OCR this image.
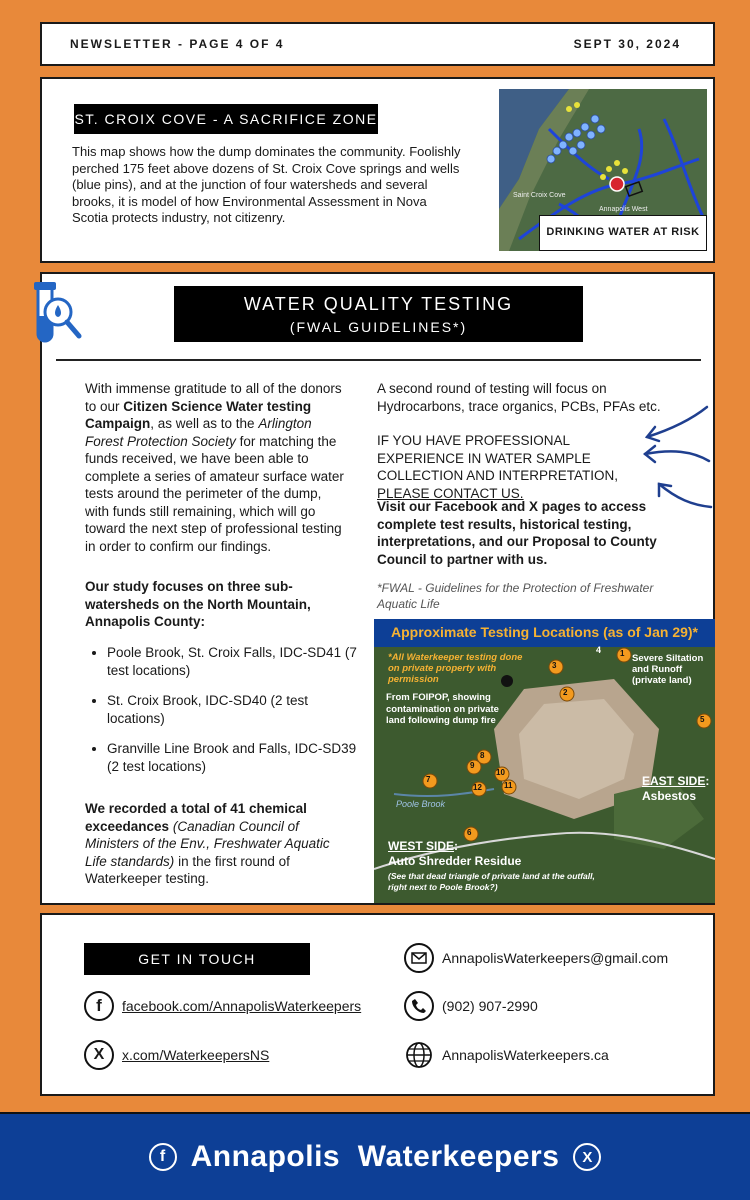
NEWSLETTER - PAGE 4 OF 4	SEPT 30, 2024
ST. CROIX COVE - A SACRIFICE ZONE

This map shows how the dump dominates the community. Foolishly perched 175 feet above dozens of St. Croix Cove springs and wells (blue pins), and at the junction of four watersheds and several brooks, it is model of how Environmental Assessment in Nova Scotia protects industry, not citizenry.

Saint Croix Cove
Annapolis West
DRINKING WATER AT RISK
WATER QUALITY TESTING
(FWAL GUIDELINES*)

With immense gratitude to all of the donors to our Citizen Science Water testing Campaign, as well as to the Arlington Forest Protection Society for matching the funds received, we have been able to complete a series of amateur surface water tests around the perimeter of the dump, with funds still remaining, which will go toward the next step of professional testing in order to confirm our findings.

Our study focuses on three sub-watersheds on the North Mountain, Annapolis County:

• Poole Brook, St. Croix Falls, IDC-SD41 (7 test locations)
• St. Croix Brook, IDC-SD40 (2 test locations)
• Granville Line Brook and Falls, IDC-SD39 (2 test locations)

We recorded a total of 41 chemical exceedances (Canadian Council of Ministers of the Env., Freshwater Aquatic Life standards) in the first round of Waterkeeper testing.

A second round of testing will focus on Hydrocarbons, trace organics, PCBs, PFAs etc.

IF YOU HAVE PROFESSIONAL EXPERIENCE IN WATER SAMPLE COLLECTION AND INTERPRETATION, PLEASE CONTACT US.

Visit our Facebook and X pages to access complete test results, historical testing, interpretations, and our Proposal to County Council to partner with us.

*FWAL - Guidelines for the Protection of Freshwater Aquatic Life

Approximate Testing Locations (as of Jan 29)*
*All Waterkeeper testing done on private property with permission
From FOIPOP, showing contamination on private land following dump fire
Severe Siltation and Runoff (private land)
4 1
2
3
5
6
7
8
9
10
11
12
Poole Brook
EAST SIDE:
Asbestos
WEST SIDE:
Auto Shredder Residue
(See that dead triangle of private land at the outfall, right next to Poole Brook?)
GET IN TOUCH
f	facebook.com/AnnapolisWaterkeepers
X	x.com/WaterkeepersNS
AnnapolisWaterkeepers@gmail.com
(902) 907-2990
AnnapolisWaterkeepers.ca
f Annapolis  Waterkeepers	X
